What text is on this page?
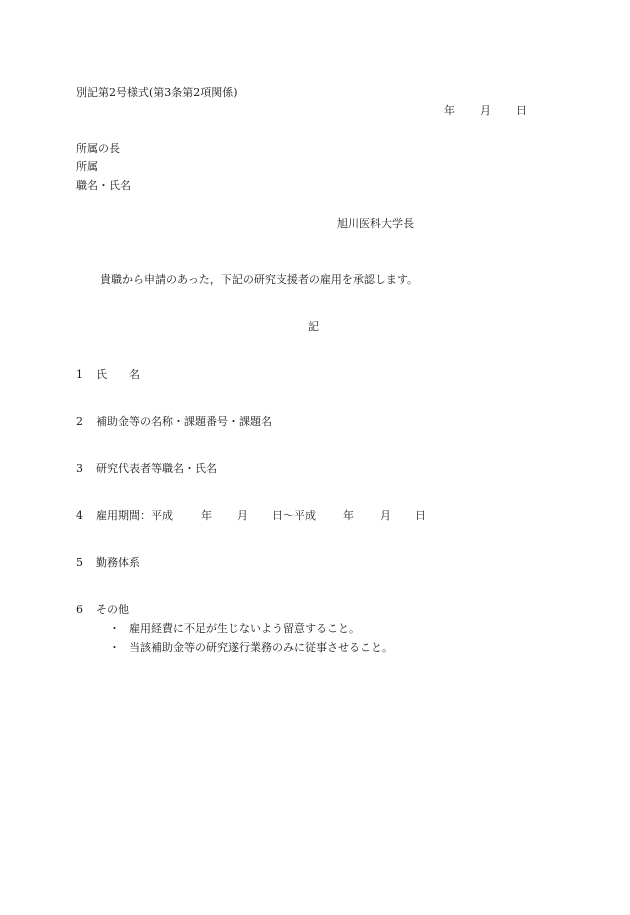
別記第2号様式(第3条第2項関係)
年 月 日
所属の長
所属
職名・氏名
旭川医科大学長
貴職から申請のあった，下記の研究支援者の雇用を承認します。
記
1 氏　　名
2 補助金等の名称・課題番号・課題名
3 研究代表者等職名・氏名
4 雇用期間：平成	年 月 日～平成 年 月 日
5 勤務体系
6 その他
・ 雇用経費に不足が生じないよう留意すること。
・ 当該補助金等の研究遂行業務のみに従事させること。
